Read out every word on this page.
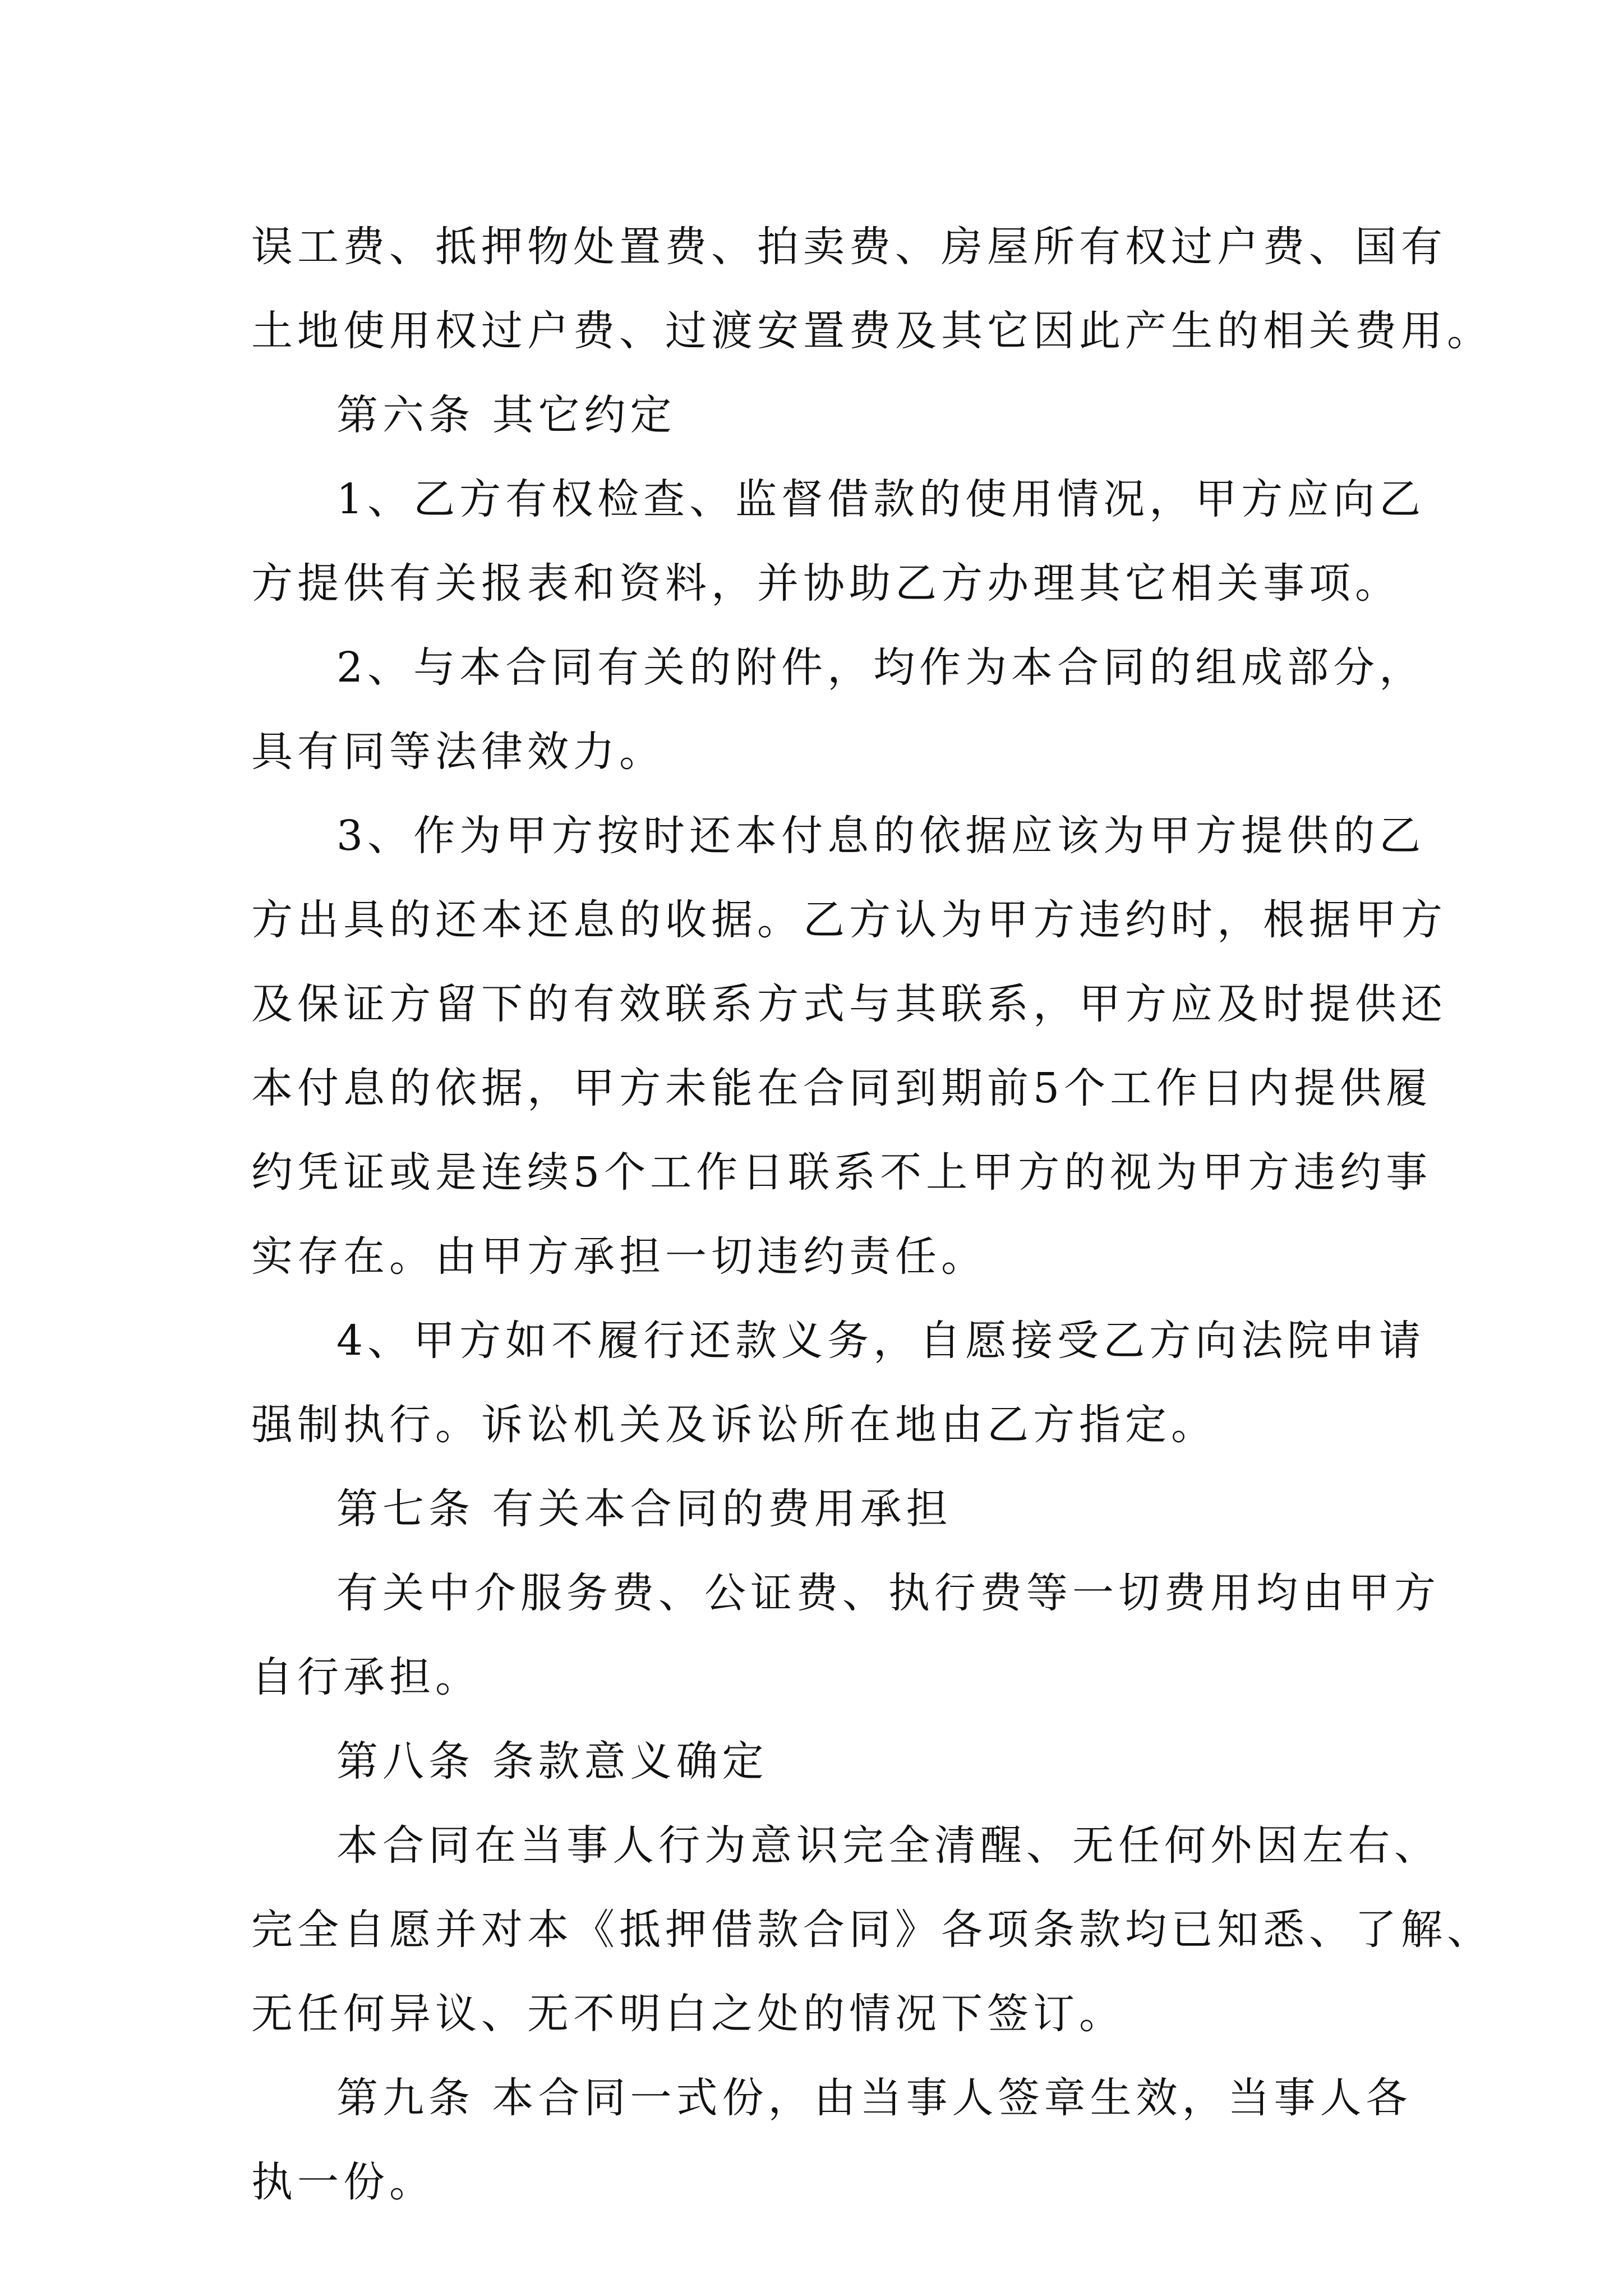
误工费、抵押物处置费、拍卖费、房屋所有权过户费、国有
土地使用权过户费、过渡安置费及其它因此产生的相关费用。
第六条 其它约定
1、乙方有权检查、监督借款的使用情况，甲方应向乙
方提供有关报表和资料，并协助乙方办理其它相关事项。
2、与本合同有关的附件，均作为本合同的组成部分，
具有同等法律效力。
3、作为甲方按时还本付息的依据应该为甲方提供的乙
方出具的还本还息的收据。乙方认为甲方违约时，根据甲方
及保证方留下的有效联系方式与其联系，甲方应及时提供还
本付息的依据，甲方未能在合同到期前5个工作日内提供履
约凭证或是连续5个工作日联系不上甲方的视为甲方违约事
实存在。由甲方承担一切违约责任。
4、甲方如不履行还款义务，自愿接受乙方向法院申请
强制执行。诉讼机关及诉讼所在地由乙方指定。
第七条 有关本合同的费用承担
有关中介服务费、公证费、执行费等一切费用均由甲方
自行承担。
第八条 条款意义确定
本合同在当事人行为意识完全清醒、无任何外因左右、
完全自愿并对本《抵押借款合同》各项条款均已知悉、了解、
无任何异议、无不明白之处的情况下签订。
第九条 本合同一式份，由当事人签章生效，当事人各
执一份。
